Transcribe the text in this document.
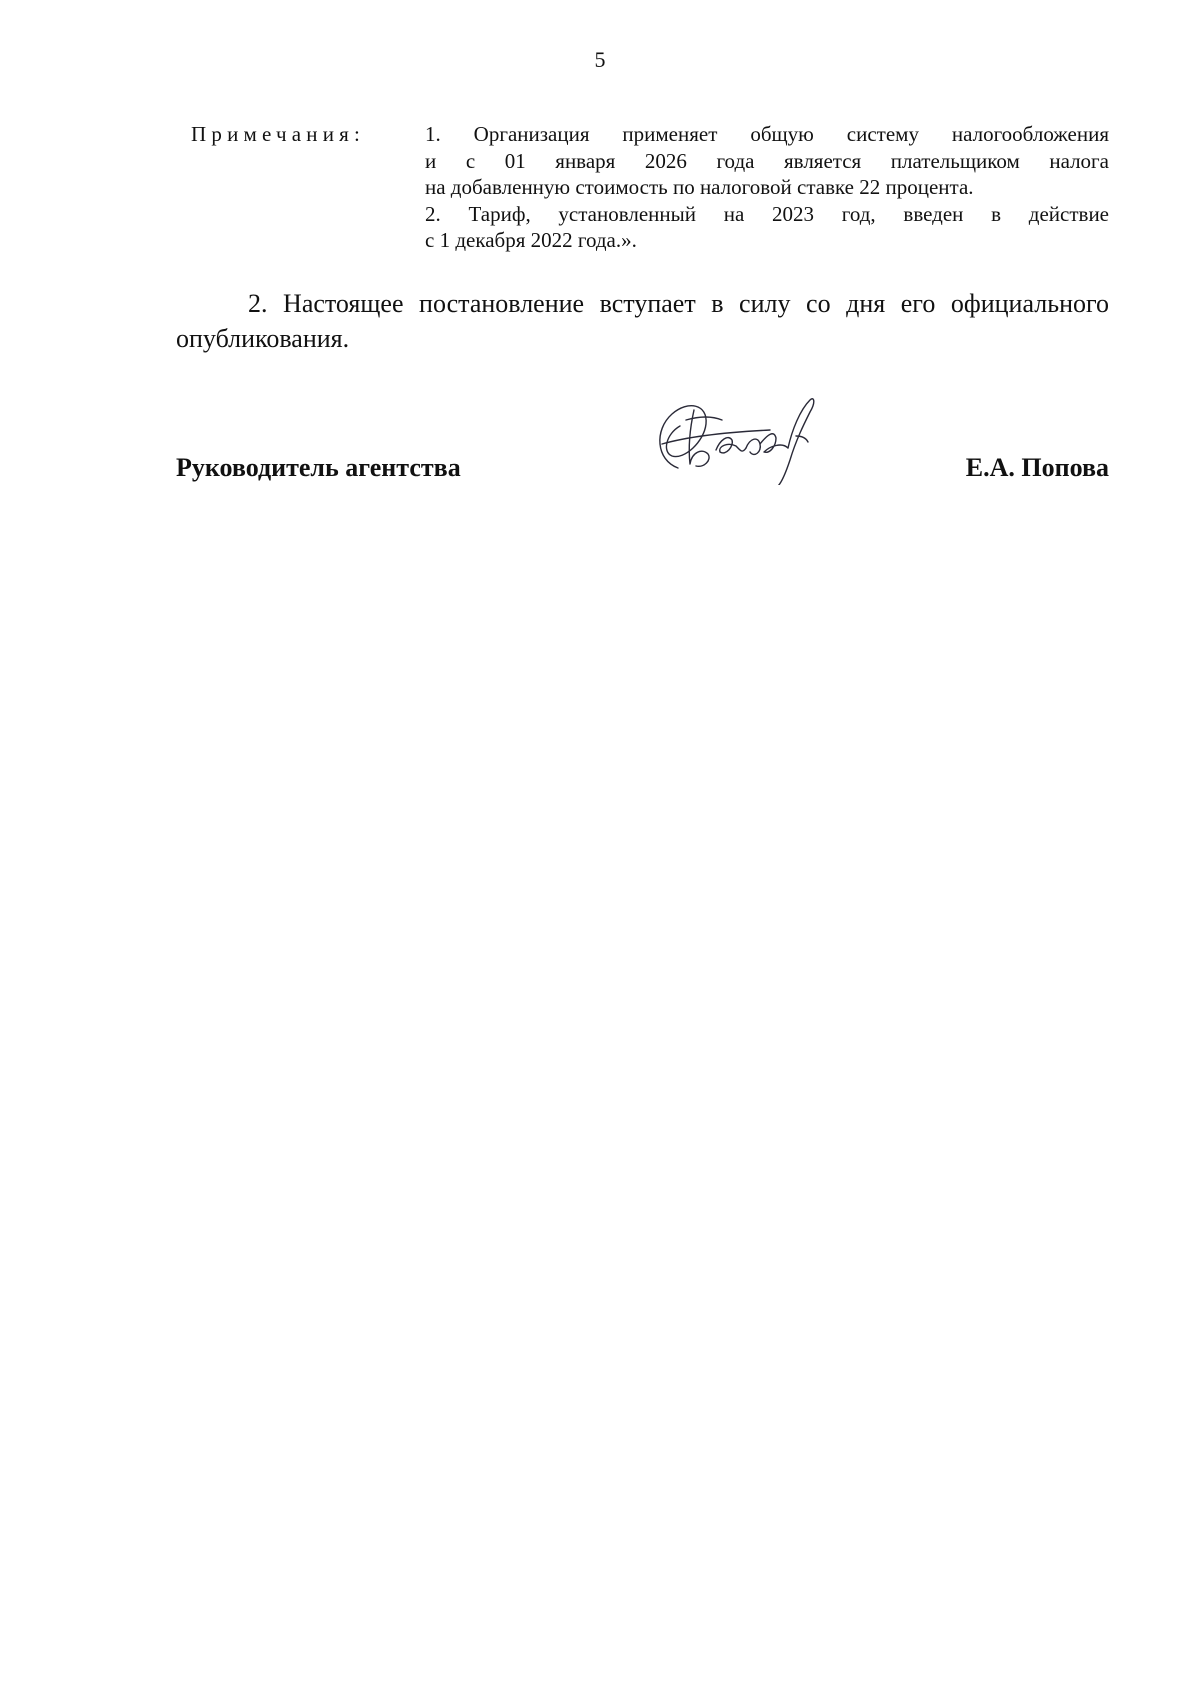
5
Примечания:	1. Организация применяет общую систему налогообложения
и с 01 января 2026 года является плательщиком налога
на добавленную стоимость по налоговой ставке 22 процента.
2. Тариф, установленный на 2023 год, введен в действие
с 1 декабря 2022 года.».
2. Настоящее постановление вступает в силу со дня его официального
опубликования.
Руководитель агентства	Е.А. Попова
